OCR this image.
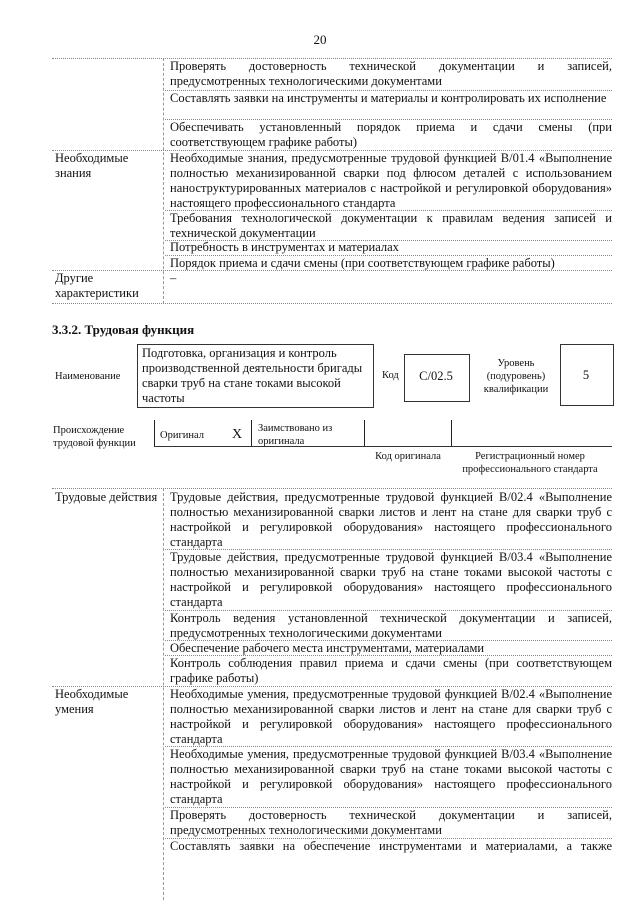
20

Проверять достоверность технической документации и записей, предусмотренных технологическими документами

Составлять заявки на инструменты и материалы и контролировать их исполнение

Обеспечивать установленный порядок приема и сдачи смены (при соответствующем графике работы)

Необходимые знания

Необходимые знания, предусмотренные трудовой функцией В/01.4 «Выполнение полностью механизированной сварки под флюсом деталей с использованием наноструктурированных материалов с настройкой и регулировкой оборудования» настоящего профессионального стандарта

Требования технологической документации к правилам ведения записей и технической документации

Потребность в инструментах и материалах

Порядок приема и сдачи смены (при соответствующем графике работы)

Другие характеристики
–
3.3.2. Трудовая функция
Наименование
Подготовка, организация и контроль производственной деятельности бригады сварки труб на стане токами высокой частоты
Код	C/02.5
Уровень (подуровень) квалификации
5
Происхождение трудовой функции
Оригинал X Заимствовано из оригинала
Код оригинала	Регистрационный номер профессионального стандарта
Трудовые действия Трудовые действия, предусмотренные трудовой функцией В/02.4 «Выполнение полностью механизированной сварки листов и лент на стане для сварки труб с настройкой и регулировкой оборудования» настоящего профессионального стандарта

Трудовые действия, предусмотренные трудовой функцией В/03.4 «Выполнение полностью механизированной сварки труб на стане токами высокой частоты с настройкой и регулировкой оборудования» настоящего профессионального стандарта

Контроль ведения установленной технической документации и записей, предусмотренных технологическими документами

Обеспечение рабочего места инструментами, материалами

Контроль соблюдения правил приема и сдачи смены (при соответствующем графике работы)

Необходимые умения

Необходимые умения, предусмотренные трудовой функцией В/02.4 «Выполнение полностью механизированной сварки листов и лент на стане для сварки труб с настройкой и регулировкой оборудования» настоящего профессионального стандарта

Необходимые умения, предусмотренные трудовой функцией В/03.4 «Выполнение полностью механизированной сварки труб на стане токами высокой частоты с настройкой и регулировкой оборудования» настоящего профессионального стандарта

Проверять достоверность технической документации и записей, предусмотренных технологическими документами

Составлять заявки на обеспечение инструментами и материалами, а также
